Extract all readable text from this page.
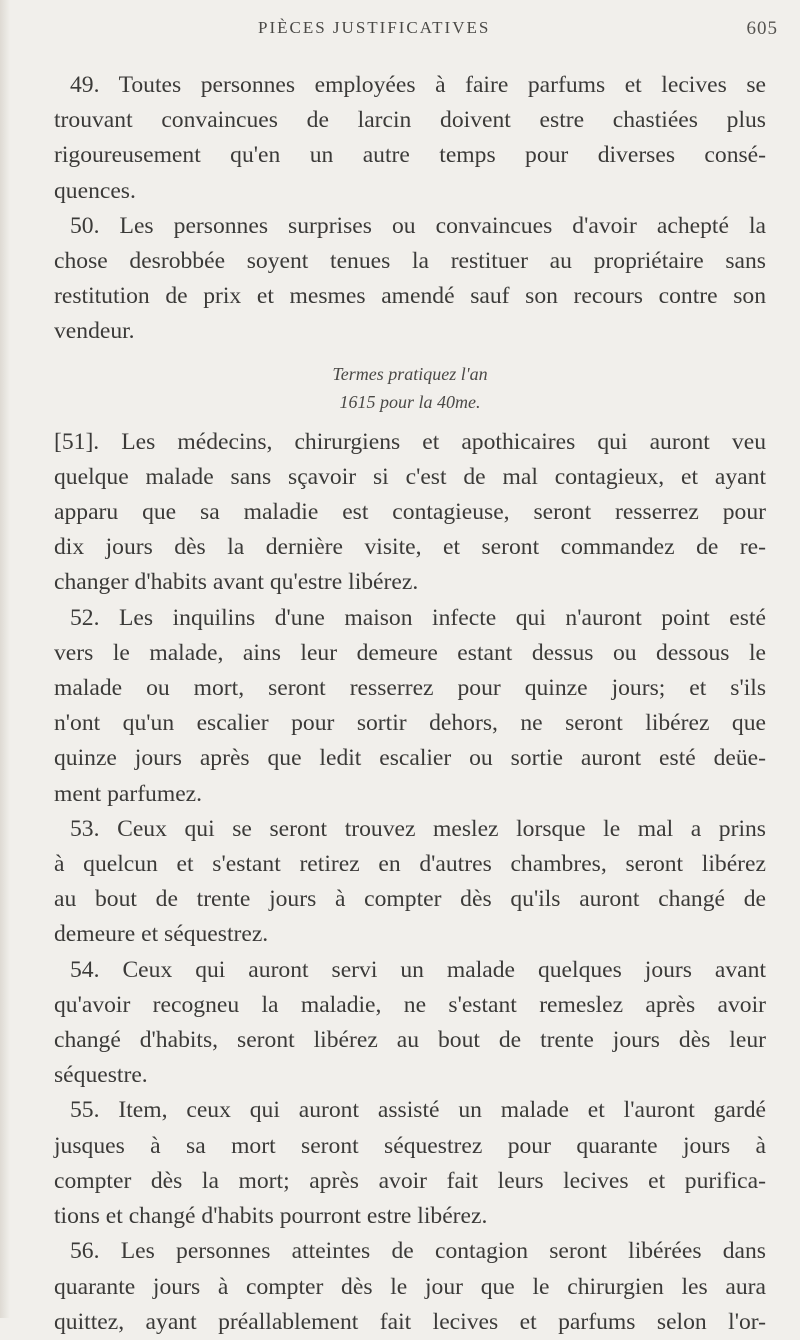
PIÈCES JUSTIFICATIVES	605
49. Toutes personnes employées à faire parfums et lecives se
trouvant convaincues de larcin doivent estre chastiées plus
rigoureusement qu'en un autre temps pour diverses consé-
quences.
50. Les personnes surprises ou convaincues d'avoir achepté la
chose desrobbée soyent tenues la restituer au propriétaire sans
restitution de prix et mesmes amendé sauf son recours contre son
vendeur.
Termes pratiquez l'an
1615 pour la 40me.
[51]. Les médecins, chirurgiens et apothicaires qui auront veu
quelque malade sans sçavoir si c'est de mal contagieux, et ayant
apparu que sa maladie est contagieuse, seront resserrez pour
dix jours dès la dernière visite, et seront commandez de re-
changer d'habits avant qu'estre libérez.
52. Les inquilins d'une maison infecte qui n'auront point esté
vers le malade, ains leur demeure estant dessus ou dessous le
malade ou mort, seront resserrez pour quinze jours; et s'ils
n'ont qu'un escalier pour sortir dehors, ne seront libérez que
quinze jours après que ledit escalier ou sortie auront esté deüe-
ment parfumez.
53. Ceux qui se seront trouvez meslez lorsque le mal a prins
à quelcun et s'estant retirez en d'autres chambres, seront libérez
au bout de trente jours à compter dès qu'ils auront changé de
demeure et séquestrez.
54. Ceux qui auront servi un malade quelques jours avant
qu'avoir recogneu la maladie, ne s'estant remeslez après avoir
changé d'habits, seront libérez au bout de trente jours dès leur
séquestre.
55. Item, ceux qui auront assisté un malade et l'auront gardé
jusques à sa mort seront séquestrez pour quarante jours à
compter dès la mort; après avoir fait leurs lecives et purifica-
tions et changé d'habits pourront estre libérez.
56. Les personnes atteintes de contagion seront libérées dans
quarante jours à compter dès le jour que le chirurgien les aura
quittez, ayant préallablement fait lecives et parfums selon l'or-
